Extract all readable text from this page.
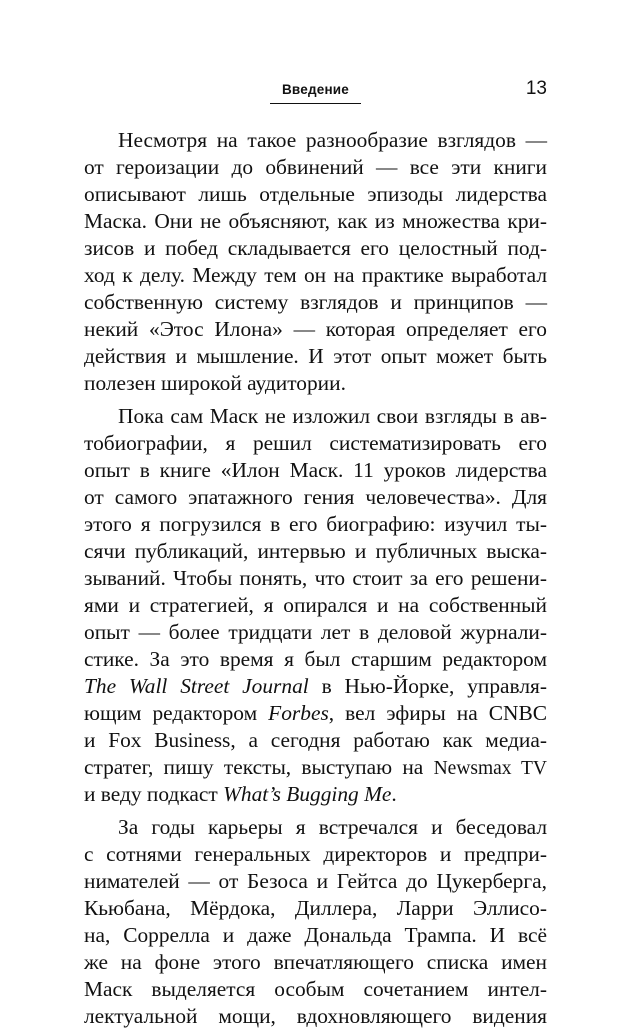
Введение	13
Несмотря на такое разнообразие взглядов —
от героизации до обвинений — все эти книги
описывают лишь отдельные эпизоды лидерства
Маска. Они не объясняют, как из множества кри-
зисов и побед складывается его целостный под-
ход к делу. Между тем он на практике выработал
собственную систему взглядов и принципов —
некий «Этос Илона» — которая определяет его
действия и мышление. И этот опыт может быть
полезен широкой аудитории.
Пока сам Маск не изложил свои взгляды в ав-
тобиографии, я решил систематизировать его
опыт в книге «Илон Маск. 11 уроков лидерства
от самого эпатажного гения человечества». Для
этого я погрузился в его биографию: изучил ты-
сячи публикаций, интервью и публичных выска-
зываний. Чтобы понять, что стоит за его решени-
ями и стратегией, я опирался и на собственный
опыт — более тридцати лет в деловой журнали-
стике. За это время я был старшим редактором
The Wall Street Journal в Нью-Йорке, управля-
ющим редактором Forbes, вел эфиры на CNBC
и Fox Business, а сегодня работаю как медиа-
стратег, пишу тексты, выступаю на Newsmax TV
и веду подкаст What’s Bugging Me.
За годы карьеры я встречался и беседовал
с сотнями генеральных директоров и предпри-
нимателей — от Безоса и Гейтса до Цукерберга,
Кьюбана, Мёрдока, Диллера, Ларри Эллисо-
на, Соррелла и даже Дональда Трампа. И всё
же на фоне этого впечатляющего списка имен
Маск выделяется особым сочетанием интел-
лектуальной мощи, вдохновляющего видения
